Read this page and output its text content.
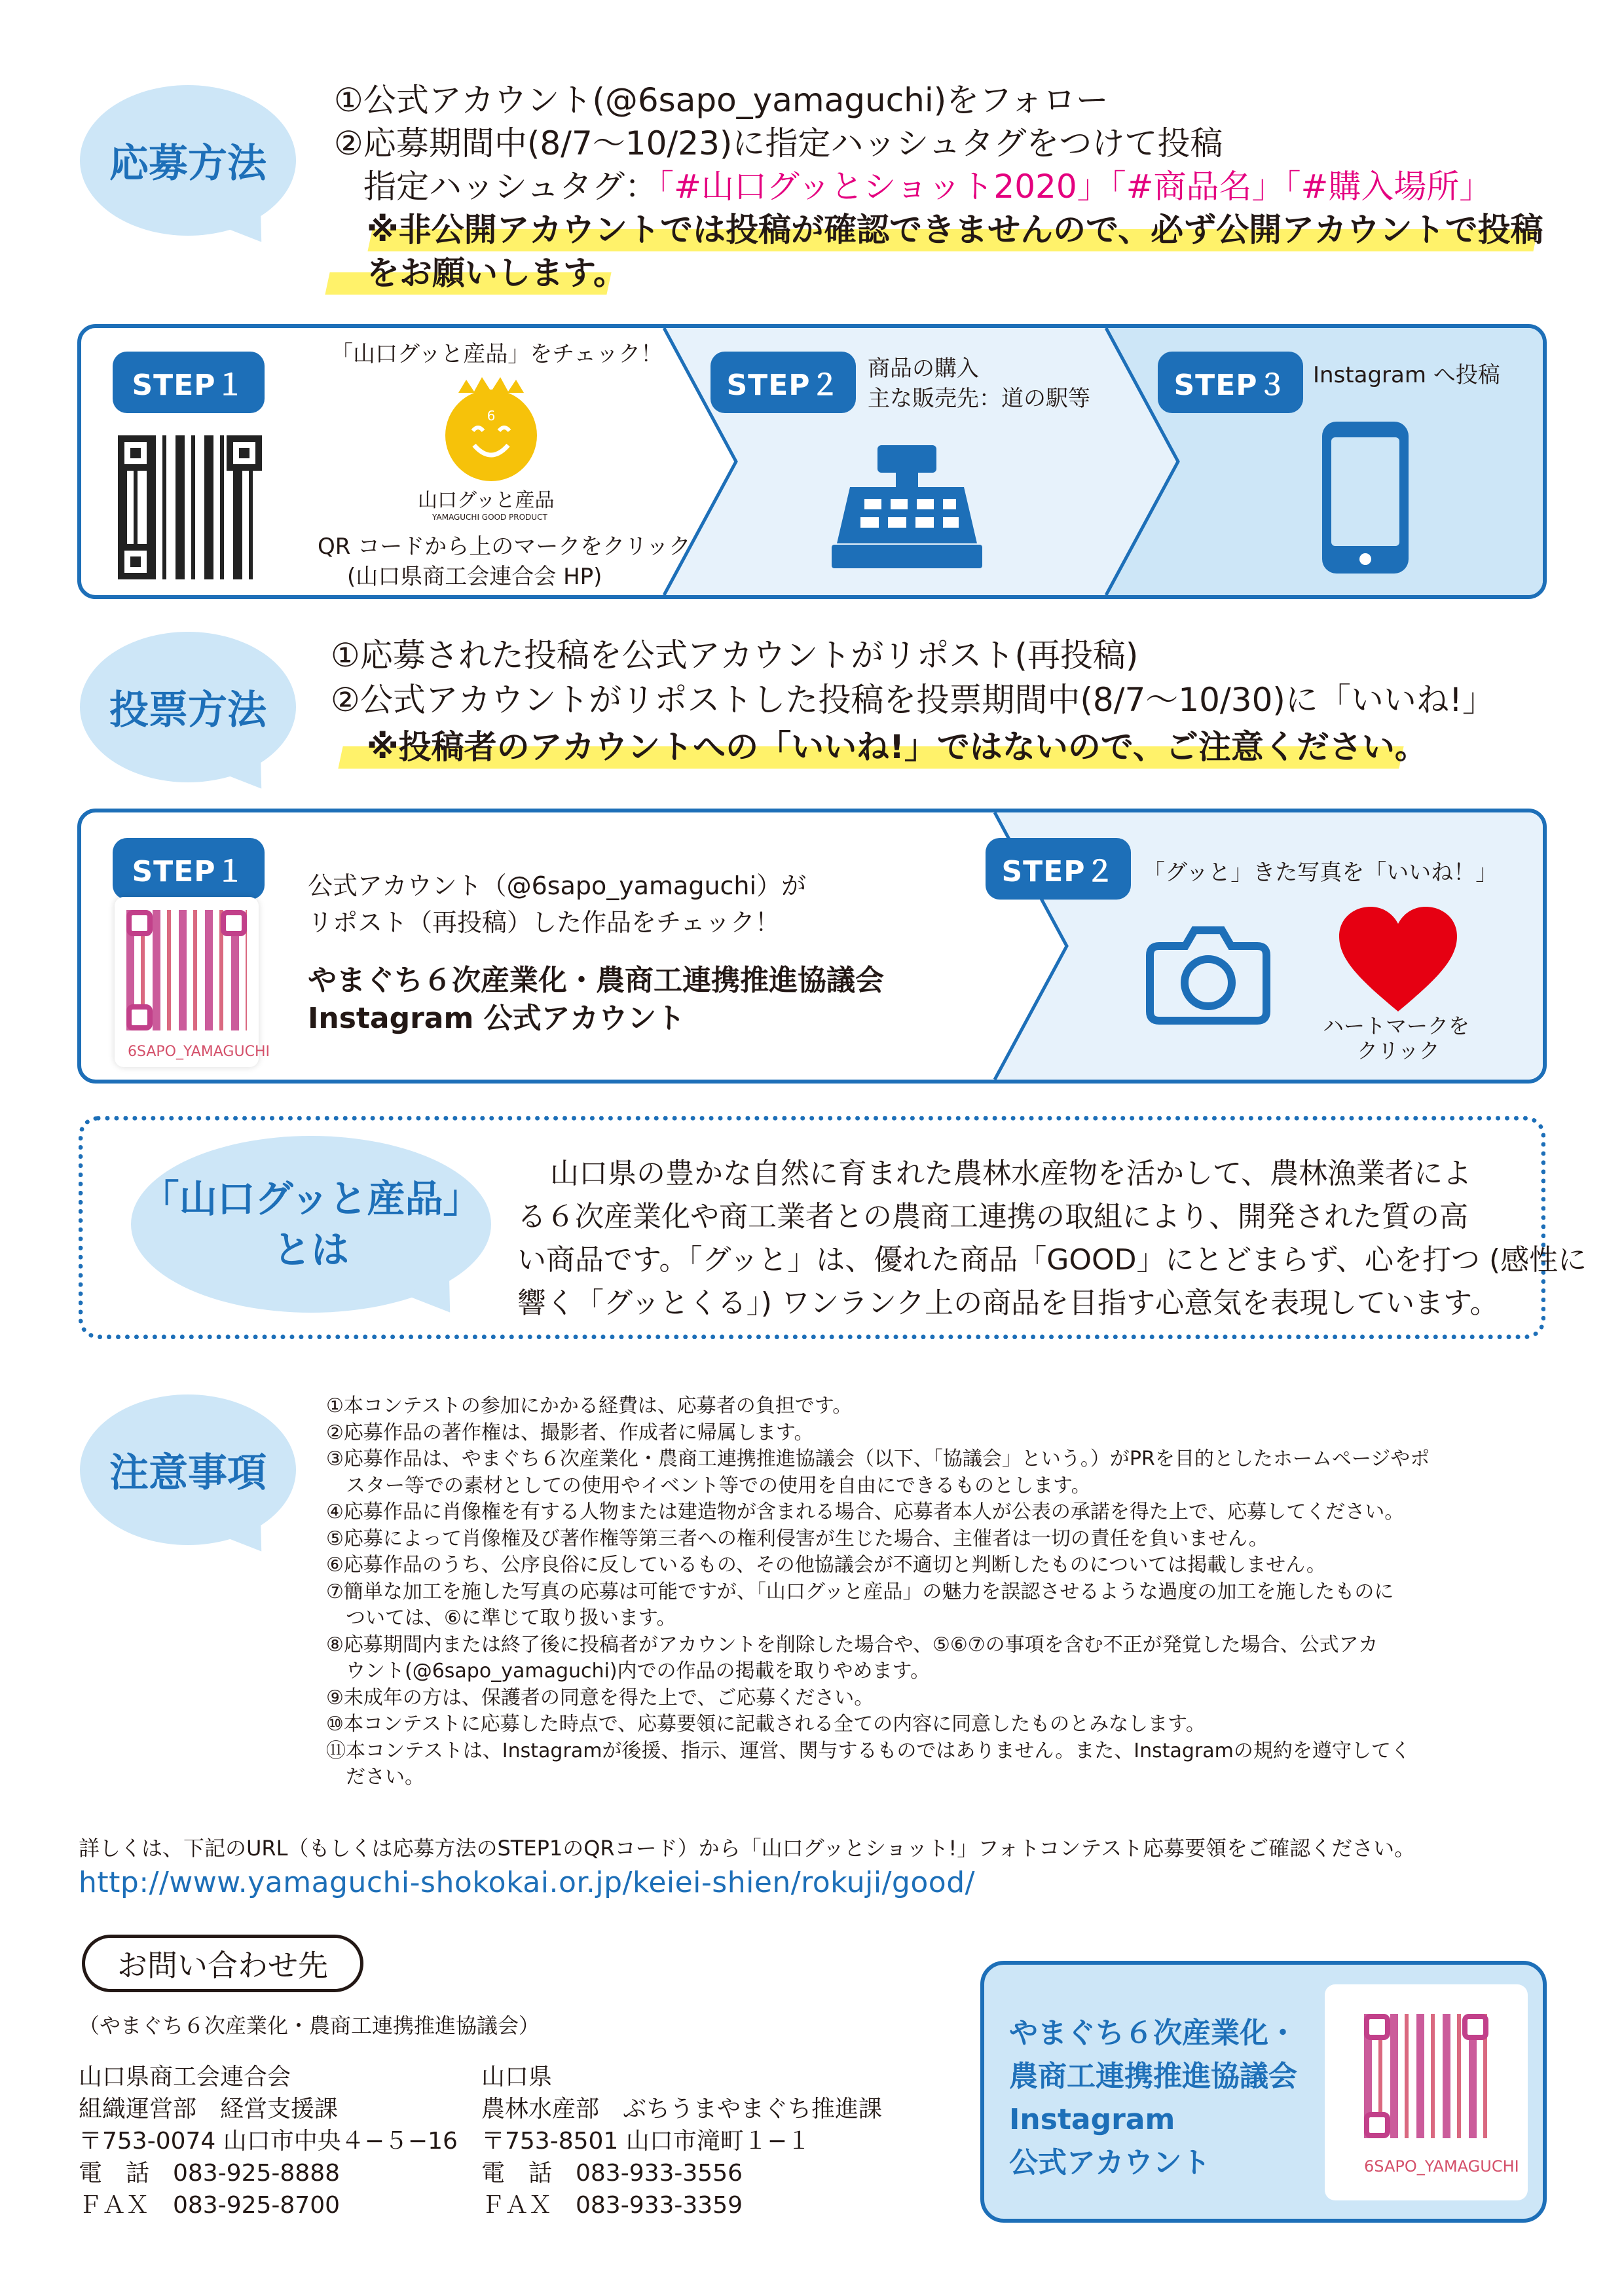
応募方法
①公式アカウント(@6sapo_yamaguchi)をフォロー
②応募期間中(8/7～10/23)に指定ハッシュタグをつけて投稿
指定ハッシュタグ：「#山口グッとショット2020」「#商品名」「#購入場所」
※非公開アカウントでは投稿が確認できませんので、必ず公開アカウントで投稿
をお願いします。
STEP１
「山口グッと産品」をチェック！
6
山口グッと産品
YAMAGUCHI GOOD PRODUCT
QR コードから上のマークをクリック
(山口県商工会連合会 HP)
STEP２	商品の購入
主な販売先：道の駅等	STEP３	Instagram へ投稿
投票方法
①応募された投稿を公式アカウントがリポスト(再投稿)
②公式アカウントがリポストした投稿を投票期間中(8/7～10/30)に「いいね!」
※投稿者のアカウントへの「いいね!」ではないので、ご注意ください。
STEP１
6SAPO_YAMAGUCHI
公式アカウント（@6sapo_yamaguchi）が
リポスト（再投稿）した作品をチェック！
やまぐち６次産業化・農商工連携推進協議会
Instagram 公式アカウント
STEP２	「グッと」きた写真を「いいね！」
ハートマークを
クリック
「山口グッと産品」
とは
山口県の豊かな自然に育まれた農林水産物を活かして、農林漁業者によ
る６次産業化や商工業者との農商工連携の取組により、開発された質の高
い商品です。「グッと」は、優れた商品「GOOD」にとどまらず、心を打つ (感性に
響く「グッとくる」) ワンランク上の商品を目指す心意気を表現しています。
注意事項
①本コンテストの参加にかかる経費は、応募者の負担です。
②応募作品の著作権は、撮影者、作成者に帰属します。
③応募作品は、やまぐち６次産業化・農商工連携推進協議会（以下、「協議会」という。）がPRを目的としたホームページやポ
　スター等での素材としての使用やイベント等での使用を自由にできるものとします。
④応募作品に肖像権を有する人物または建造物が含まれる場合、応募者本人が公表の承諾を得た上で、応募してください。
⑤応募によって肖像権及び著作権等第三者への権利侵害が生じた場合、主催者は一切の責任を負いません。
⑥応募作品のうち、公序良俗に反しているもの、その他協議会が不適切と判断したものについては掲載しません。
⑦簡単な加工を施した写真の応募は可能ですが、「山口グッと産品」の魅力を誤認させるような過度の加工を施したものに
　ついては、⑥に準じて取り扱います。
⑧応募期間内または終了後に投稿者がアカウントを削除した場合や、⑤⑥⑦の事項を含む不正が発覚した場合、公式アカ
　ウント(@6sapo_yamaguchi)内での作品の掲載を取りやめます。
⑨未成年の方は、保護者の同意を得た上で、ご応募ください。
⑩本コンテストに応募した時点で、応募要領に記載される全ての内容に同意したものとみなします。
⑪本コンテストは、Instagramが後援、指示、運営、関与するものではありません。また、Instagramの規約を遵守してく
　ださい。
詳しくは、下記のURL（もしくは応募方法のSTEP1のQRコード）から「山口グッとショット!」フォトコンテスト応募要領をご確認ください。
http://www.yamaguchi-shokokai.or.jp/keiei-shien/rokuji/good/
お問い合わせ先
（やまぐち６次産業化・農商工連携推進協議会）
山口県商工会連合会
組織運営部　経営支援課
〒753-0074 山口市中央４−５−16
電　話　083-925-8888
ＦＡＸ　083-925-8700
山口県
農林水産部　ぶちうまやまぐち推進課
〒753-8501 山口市滝町１−１
電　話　083-933-3556
ＦＡＸ　083-933-3359
やまぐち６次産業化・
農商工連携推進協議会
Instagram
公式アカウント	6SAPO_YAMAGUCHI
